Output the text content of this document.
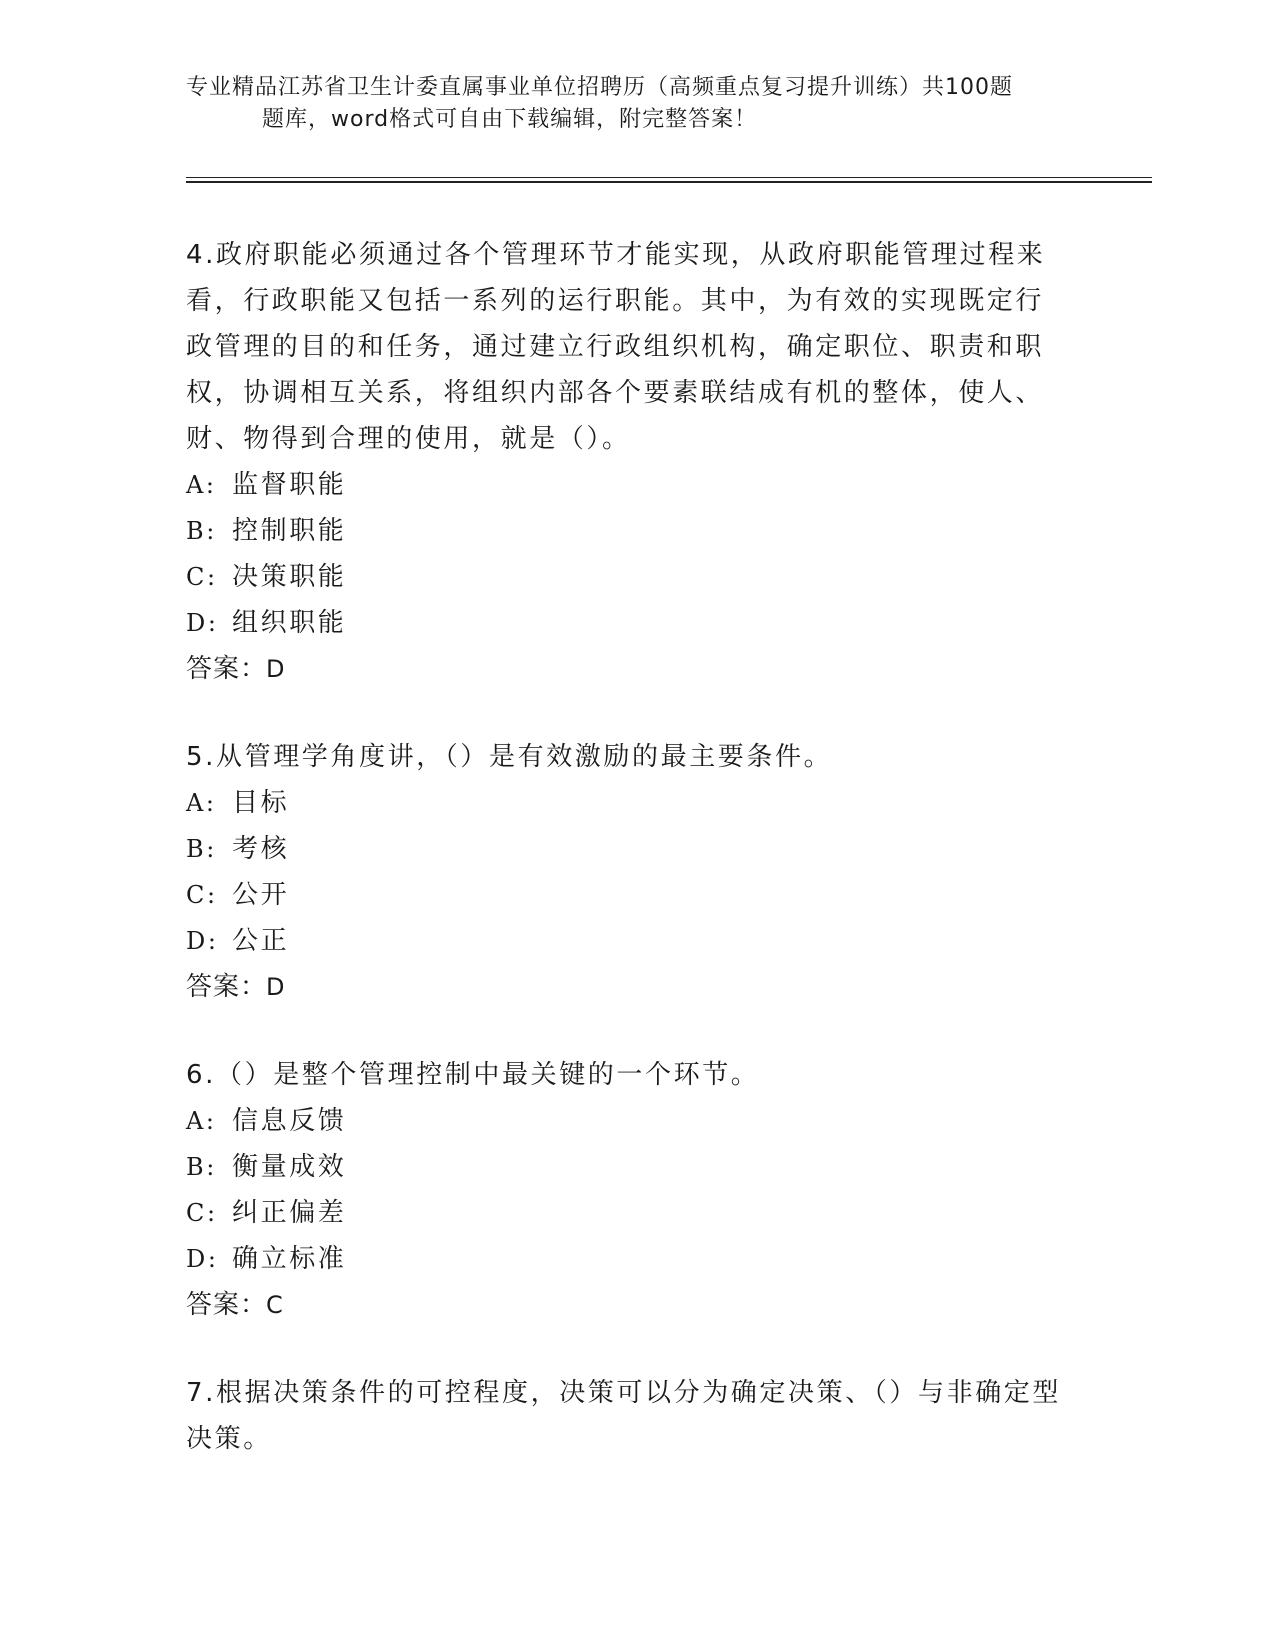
专业精品江苏省卫生计委直属事业单位招聘历（高频重点复习提升训练）共100题
题库，word格式可自由下载编辑，附完整答案！

4.政府职能必须通过各个管理环节才能实现，从政府职能管理过程来看，行政职能又包括一系列的运行职能。其中，为有效的实现既定行政管理的目的和任务，通过建立行政组织机构，确定职位、职责和职权，协调相互关系，将组织内部各个要素联结成有机的整体，使人、财、物得到合理的使用，就是（）。

A: 监督职能

B: 控制职能

C: 决策职能

D: 组织职能

答案：D

5.从管理学角度讲，（）是有效激励的最主要条件。

A: 目标

B: 考核

C: 公开

D: 公正

答案：D

6.（）是整个管理控制中最关键的一个环节。

A: 信息反馈

B: 衡量成效

C: 纠正偏差

D: 确立标准

答案：C

7.根据决策条件的可控程度，决策可以分为确定决策、（）与非确定型决策。
